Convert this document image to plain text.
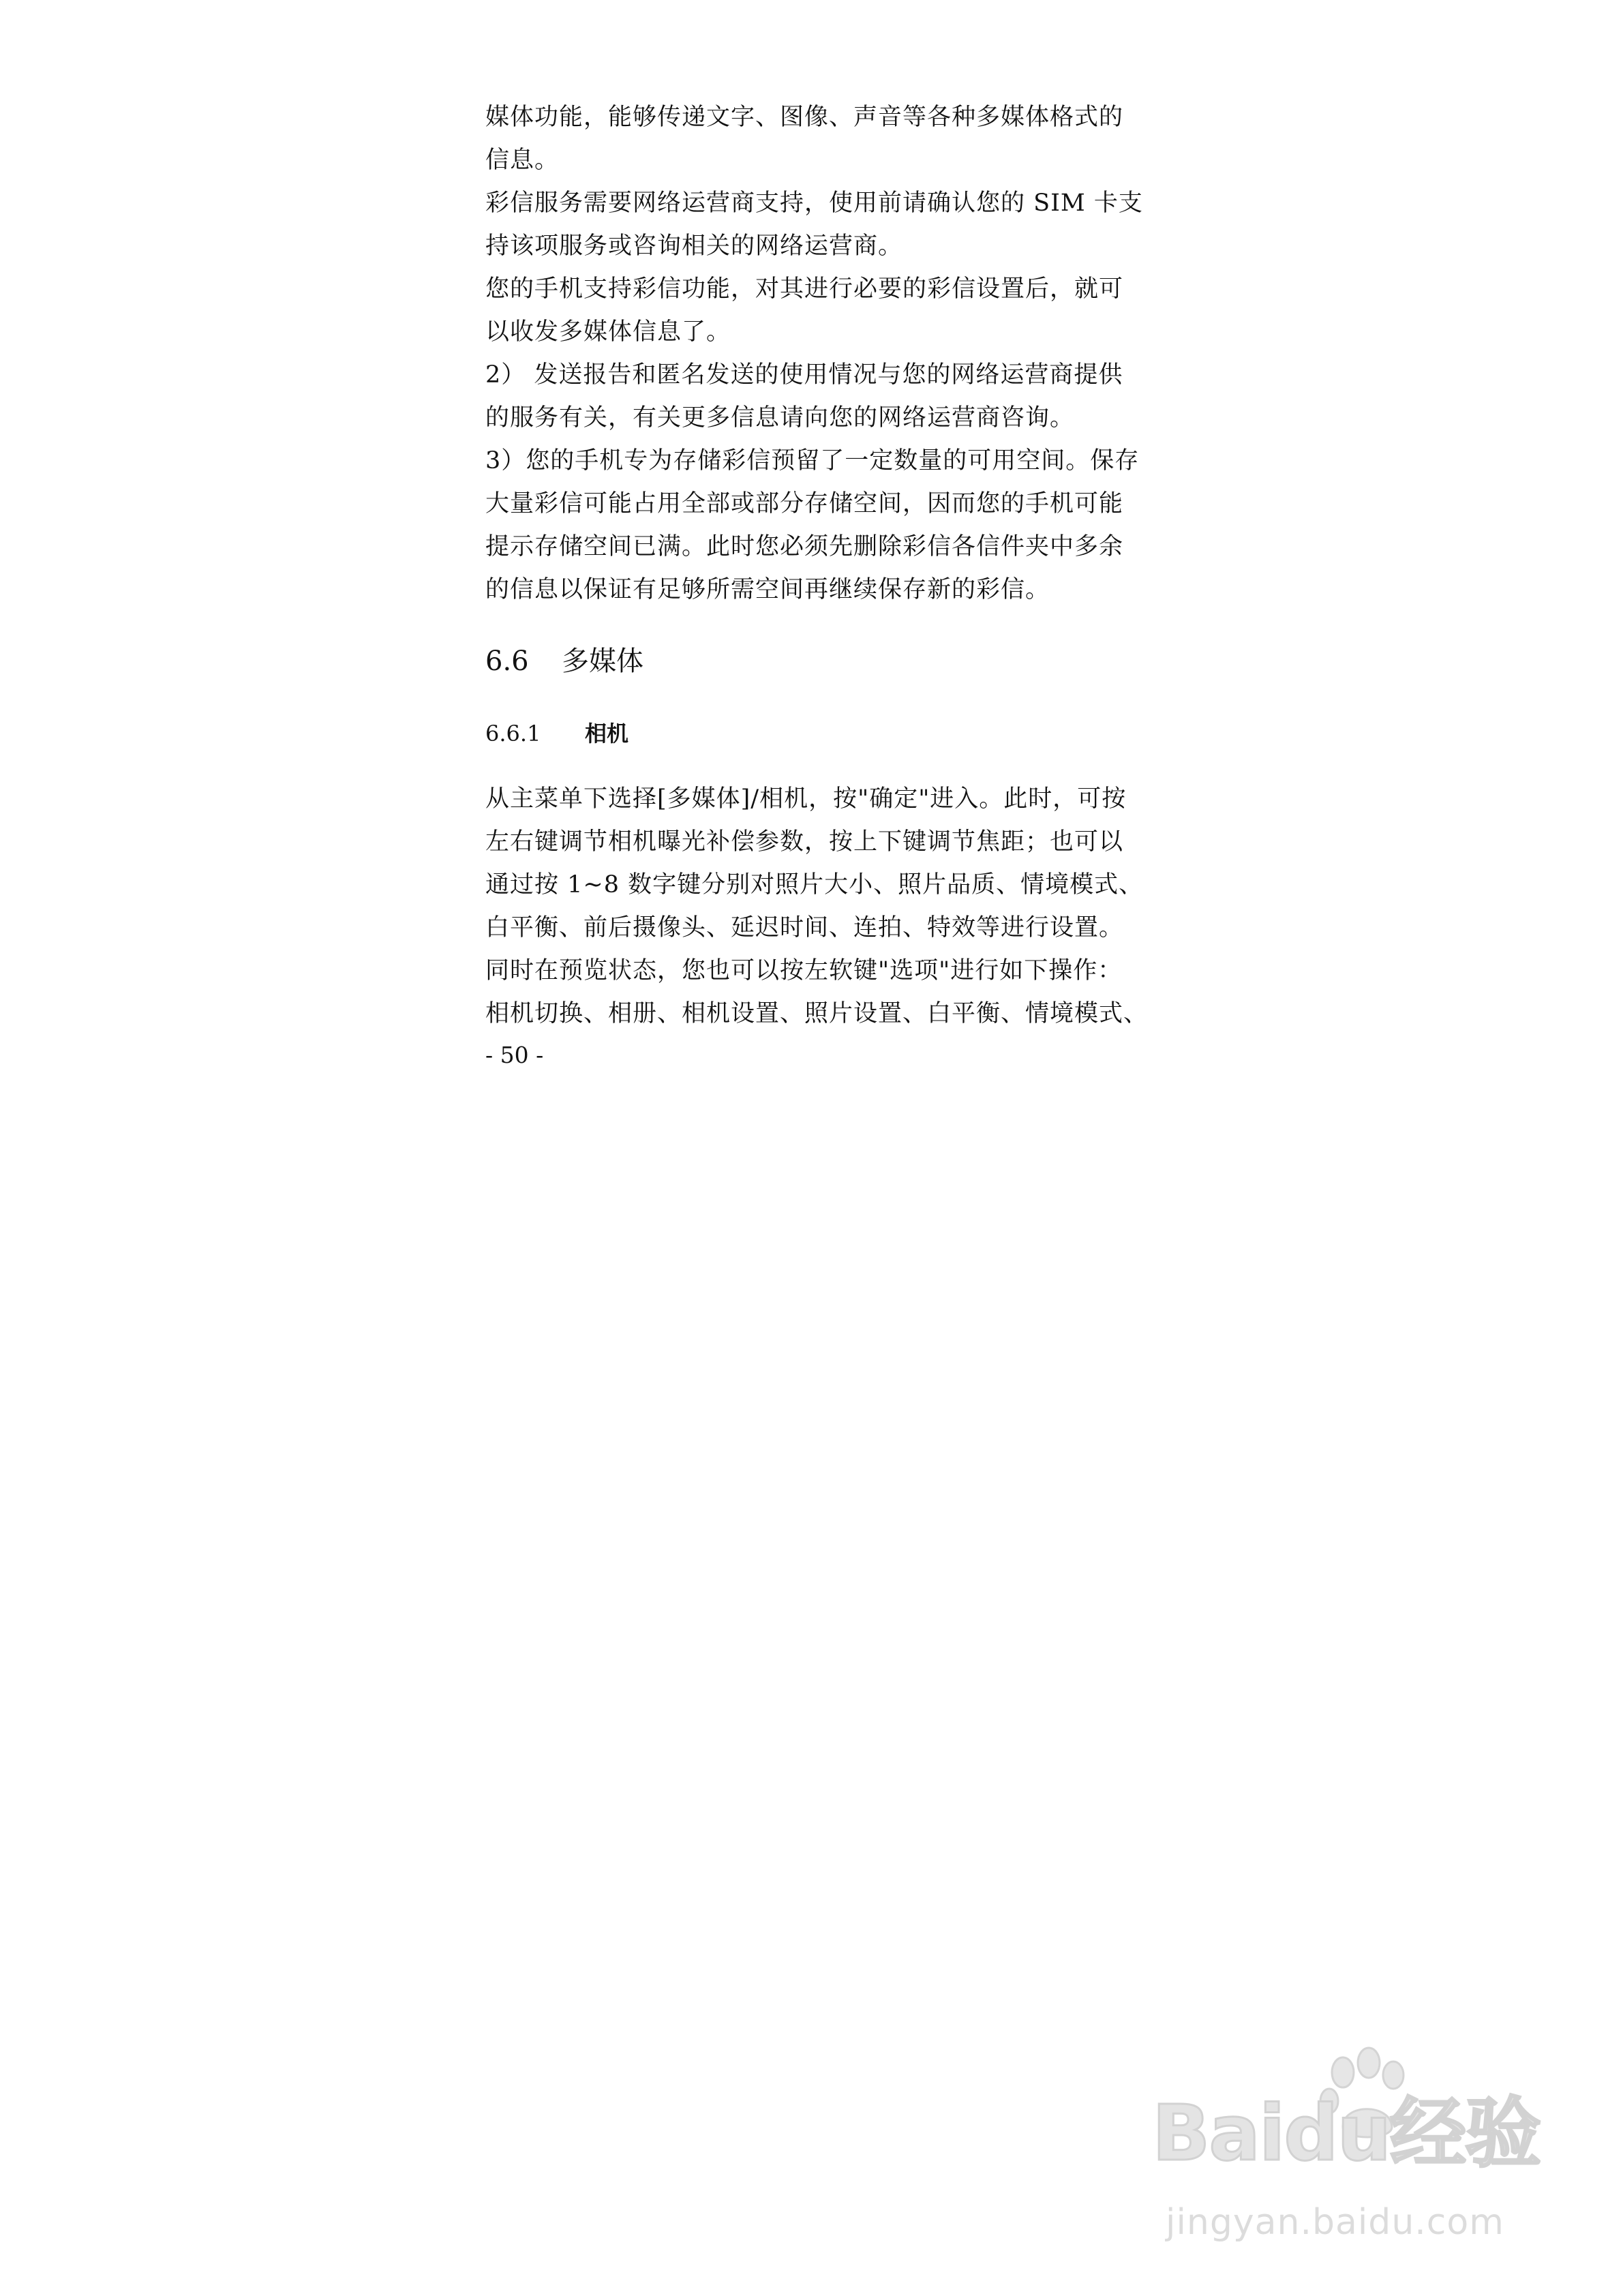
媒体功能，能够传递文字、图像、声音等各种多媒体格式的
信息。
彩信服务需要网络运营商支持，使用前请确认您的 SIM 卡支
持该项服务或咨询相关的网络运营商。
您的手机支持彩信功能，对其进行必要的彩信设置后，就可
以收发多媒体信息了。
2） 发送报告和匿名发送的使用情况与您的网络运营商提供
的服务有关，有关更多信息请向您的网络运营商咨询。
3）您的手机专为存储彩信预留了一定数量的可用空间。保存
大量彩信可能占用全部或部分存储空间，因而您的手机可能
提示存储空间已满。此时您必须先删除彩信各信件夹中多余
的信息以保证有足够所需空间再继续保存新的彩信。
6.6 多媒体
6.6.1 相机
从主菜单下选择[多媒体]/相机，按"确定"进入。此时，可按
左右键调节相机曝光补偿参数，按上下键调节焦距；也可以
通过按 1~8 数字键分别对照片大小、照片品质、情境模式、
白平衡、前后摄像头、延迟时间、连拍、特效等进行设置。
同时在预览状态，您也可以按左软键"选项"进行如下操作：
相机切换、相册、相机设置、照片设置、白平衡、情境模式、
- 50 -
Baidu经验
jingyan.baidu.com
